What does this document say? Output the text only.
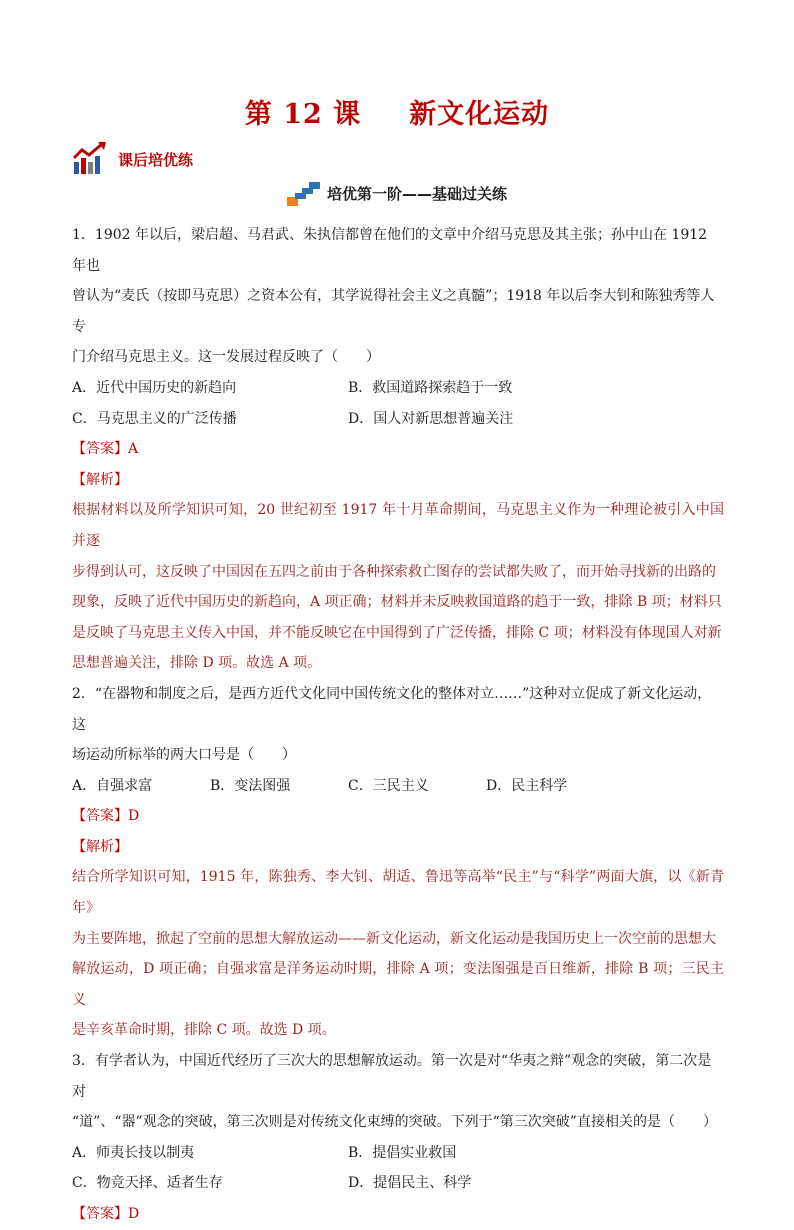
第 12 课 新文化运动
课后培优练
培优第一阶——基础过关练

1．1902 年以后，梁启超、马君武、朱执信都曾在他们的文章中介绍马克思及其主张；孙中山在 1912 年也

曾认为“麦氏（按即马克思）之资本公有，其学说得社会主义之真髓”；1918 年以后李大钊和陈独秀等人专

门介绍马克思主义。这一发展过程反映了（　　）

A．近代中国历史的新趋向	B．救国道路探索趋于一致
C．马克思主义的广泛传播	D．国人对新思想普遍关注

【答案】A

【解析】

根据材料以及所学知识可知，20 世纪初至 1917 年十月革命期间，马克思主义作为一种理论被引入中国并逐

步得到认可，这反映了中国因在五四之前由于各种探索救亡图存的尝试都失败了，而开始寻找新的出路的

现象，反映了近代中国历史的新趋向，A 项正确；材料并未反映救国道路的趋于一致，排除 B 项；材料只

是反映了马克思主义传入中国，并不能反映它在中国得到了广泛传播，排除 C 项；材料没有体现国人对新

思想普遍关注，排除 D 项。故选 A 项。

2．“在器物和制度之后，是西方近代文化同中国传统文化的整体对立……”这种对立促成了新文化运动，这

场运动所标举的两大口号是（　　）

A．自强求富	B．变法图强	C．三民主义	D．民主科学

【答案】D

【解析】

结合所学知识可知，1915 年，陈独秀、李大钊、胡适、鲁迅等高举“民主”与“科学”两面大旗，以《新青年》

为主要阵地，掀起了空前的思想大解放运动——新文化运动，新文化运动是我国历史上一次空前的思想大

解放运动，D 项正确；自强求富是洋务运动时期，排除 A 项；变法图强是百日维新，排除 B 项；三民主义

是辛亥革命时期，排除 C 项。故选 D 项。

3．有学者认为，中国近代经历了三次大的思想解放运动。第一次是对“华夷之辩”观念的突破，第二次是对

“道”、“器”观念的突破，第三次则是对传统文化束缚的突破。下列于“第三次突破”直接相关的是（　　）

A．师夷长技以制夷	B．提倡实业救国
C．物竞天择、适者生存	D．提倡民主、科学

【答案】D
